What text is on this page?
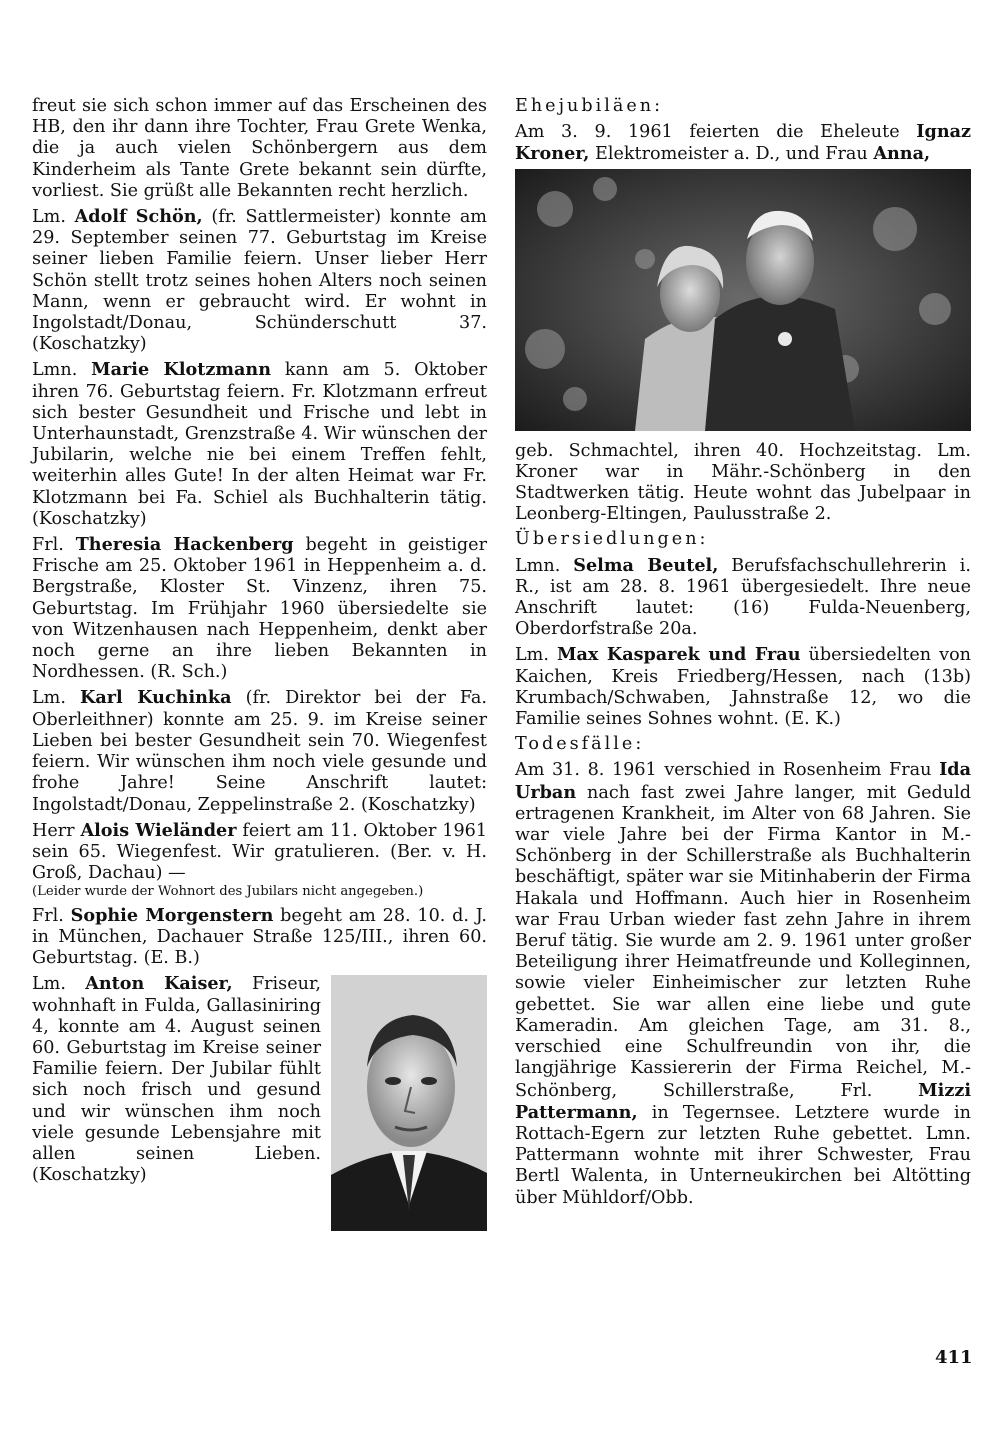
freut sie sich schon immer auf das Erscheinen des HB, den ihr dann ihre Tochter, Frau Grete Wenka, die ja auch vielen Schönbergern aus dem Kinderheim als Tante Grete bekannt sein dürfte, vorliest. Sie grüßt alle Bekannten recht herzlich.

Lm. Adolf Schön, (fr. Sattlermeister) konnte am 29. September seinen 77. Geburtstag im Kreise seiner lieben Familie feiern. Unser lieber Herr Schön stellt trotz seines hohen Alters noch seinen Mann, wenn er gebraucht wird. Er wohnt in Ingolstadt/Donau, Schünderschutt 37. (Koschatzky)

Lmn. Marie Klotzmann kann am 5. Oktober ihren 76. Geburtstag feiern. Fr. Klotzmann erfreut sich bester Gesundheit und Frische und lebt in Unterhaunstadt, Grenzstraße 4. Wir wünschen der Jubilarin, welche nie bei einem Treffen fehlt, weiterhin alles Gute! In der alten Heimat war Fr. Klotzmann bei Fa. Schiel als Buchhalterin tätig. (Koschatzky)

Frl. Theresia Hackenberg begeht in geistiger Frische am 25. Oktober 1961 in Heppenheim a. d. Bergstraße, Kloster St. Vinzenz, ihren 75. Geburtstag. Im Frühjahr 1960 übersiedelte sie von Witzenhausen nach Heppenheim, denkt aber noch gerne an ihre lieben Bekannten in Nordhessen. (R. Sch.)

Lm. Karl Kuchinka (fr. Direktor bei der Fa. Oberleithner) konnte am 25. 9. im Kreise seiner Lieben bei bester Gesundheit sein 70. Wiegenfest feiern. Wir wünschen ihm noch viele gesunde und frohe Jahre! Seine Anschrift lautet: Ingolstadt/Donau, Zeppelinstraße 2. (Koschatzky)

Herr Alois Wieländer feiert am 11. Oktober 1961 sein 65. Wiegenfest. Wir gratulieren. (Ber. v. H. Groß, Dachau) —

(Leider wurde der Wohnort des Jubilars nicht angegeben.)

Frl. Sophie Morgenstern begeht am 28. 10. d. J. in München, Dachauer Straße 125/III., ihren 60. Geburtstag. (E. B.)

Lm. Anton Kaiser, Friseur, wohnhaft in Fulda, Gallasiniring 4, konnte am 4. August seinen 60. Geburtstag im Kreise seiner Familie feiern. Der Jubilar fühlt sich noch frisch und gesund und wir wünschen ihm noch viele gesunde Lebensjahre mit allen seinen Lieben. (Koschatzky)

Ehejubiläen:

Am 3. 9. 1961 feierten die Eheleute Ignaz Kroner, Elektromeister a. D., und Frau Anna,

geb. Schmachtel, ihren 40. Hochzeitstag. Lm. Kroner war in Mähr.-Schönberg in den Stadtwerken tätig. Heute wohnt das Jubelpaar in Leonberg-Eltingen, Paulusstraße 2.

Übersiedlungen:

Lmn. Selma Beutel, Berufsfachschullehrerin i. R., ist am 28. 8. 1961 übergesiedelt. Ihre neue Anschrift lautet: (16) Fulda-Neuenberg, Oberdorfstraße 20a.

Lm. Max Kasparek und Frau übersiedelten von Kaichen, Kreis Friedberg/Hessen, nach (13b) Krumbach/Schwaben, Jahnstraße 12, wo die Familie seines Sohnes wohnt. (E. K.)

Todesfälle:

Am 31. 8. 1961 verschied in Rosenheim Frau Ida Urban nach fast zwei Jahre langer, mit Geduld ertragenen Krankheit, im Alter von 68 Jahren. Sie war viele Jahre bei der Firma Kantor in M.-Schönberg in der Schillerstraße als Buchhalterin beschäftigt, später war sie Mitinhaberin der Firma Hakala und Hoffmann. Auch hier in Rosenheim war Frau Urban wieder fast zehn Jahre in ihrem Beruf tätig. Sie wurde am 2. 9. 1961 unter großer Beteiligung ihrer Heimatfreunde und Kolleginnen, sowie vieler Einheimischer zur letzten Ruhe gebettet. Sie war allen eine liebe und gute Kameradin. Am gleichen Tage, am 31. 8., verschied eine Schulfreundin von ihr, die langjährige Kassiererin der Firma Reichel, M.-Schönberg, Schillerstraße, Frl.	Mizzi Pattermann, in Tegernsee. Letztere wurde in Rottach-Egern zur letzten Ruhe gebettet. Lmn. Pattermann wohnte mit ihrer Schwester, Frau Bertl Walenta, in Unterneukirchen bei Altötting über Mühldorf/Obb.

411
